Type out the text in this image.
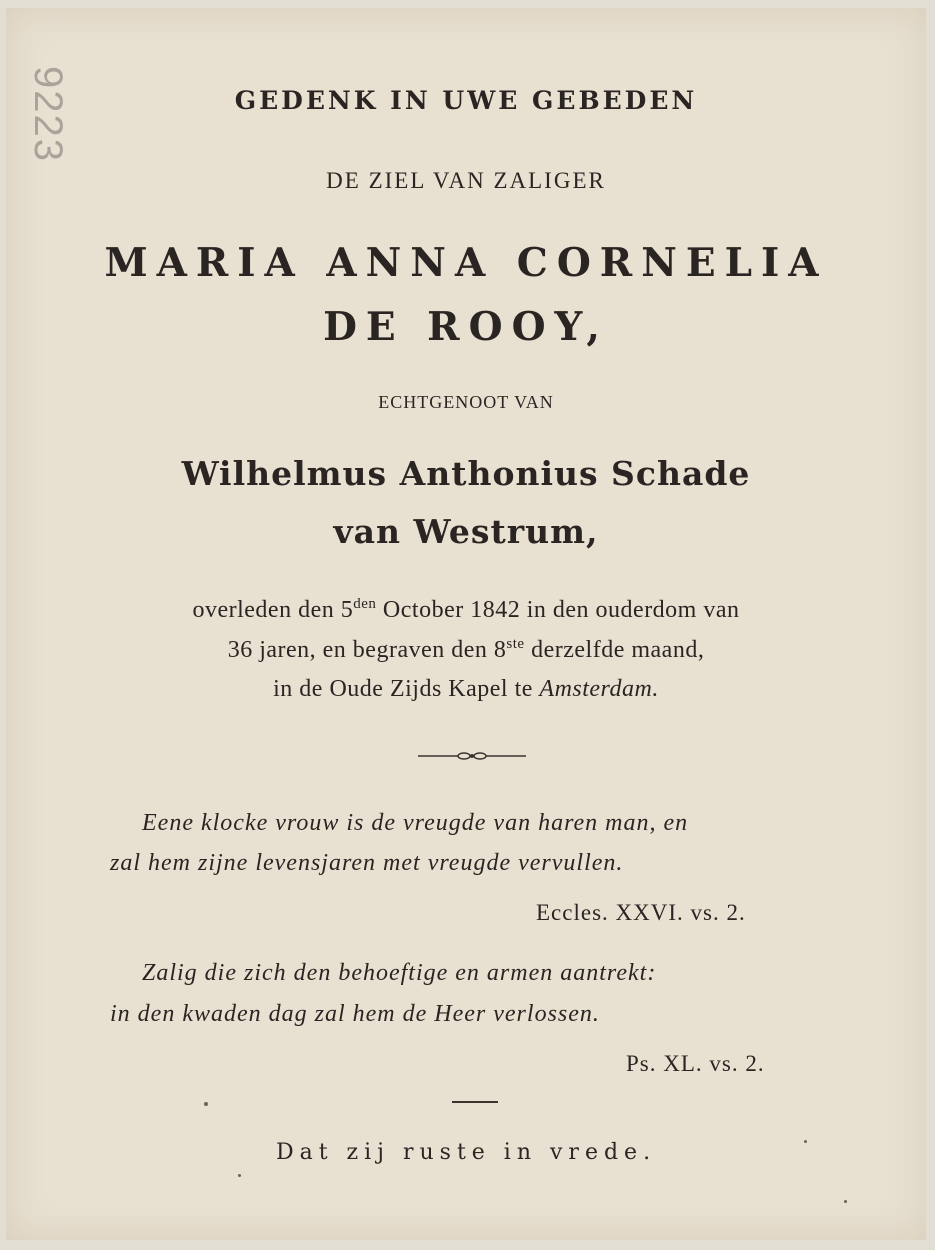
9223	GEDENK IN UWE GEBEDEN
DE ZIEL VAN ZALIGER
MARIA ANNA CORNELIA
DE ROOY,
ECHTGENOOT VAN
Wilhelmus Anthonius Schade
van Westrum,
overleden den $5^{den}$ October 1842 in den ouderdom van
36 jaren, en begraven den 8ste derzelfde maand,
in de Oude Zijds Kapel te Amsterdam.
Eene klocke vrouw is de vreugde van haren man, en
zal hem zijne levensjaren met vreugde vervullen.
Eccles. XXVI. vs. 2.
Zalig die zich den behoeftige en armen aantrekt:
in den kwaden dag zal hem de Heer verlossen.
Ps. XL. vs. 2.
Dat zij ruste in vrede.
